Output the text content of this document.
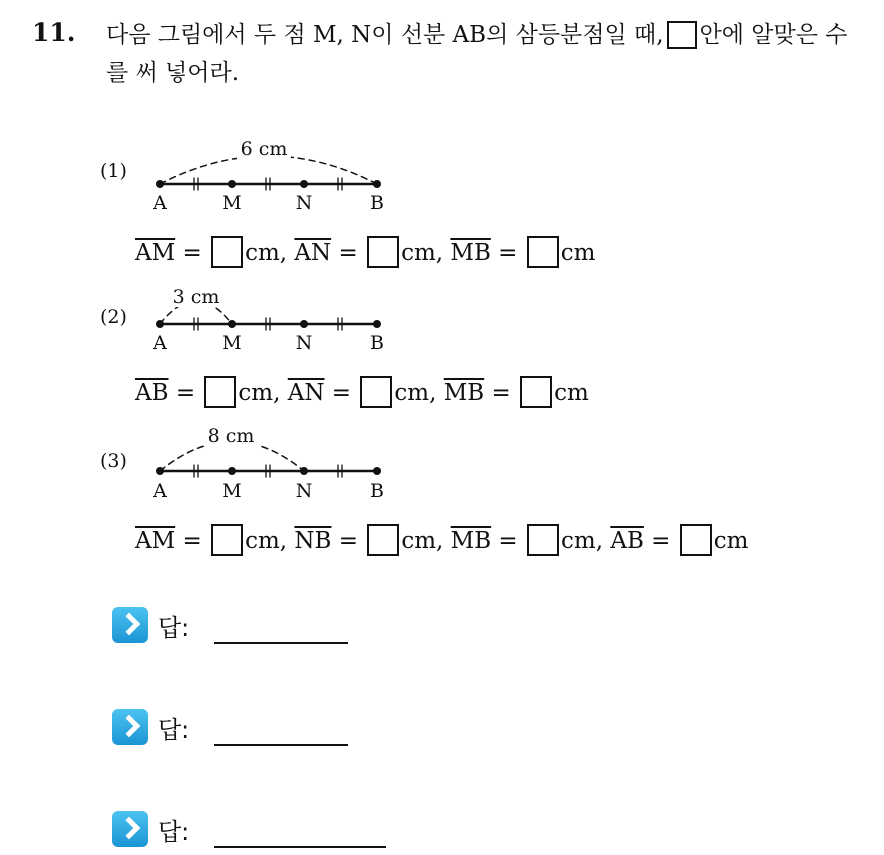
11. 다음 그림에서 두 점 M, N이 선분 AB의 삼등분점일 때, 안에 알맞은 수를 써 넣어라.
(1)
(2)
(3)
6 cm
A	M	N	B
3 cm
A	M	N	B
8 cm
A	M	N	B
$\overline{AM}$ = cm, $\overline{AN}$ = cm, $\overline{MB}$ = cm
$\overline{AB}$ = cm, $\overline{AN}$ = cm, $\overline{MB}$ = cm
$\overline{AM}$ = cm, $\overline{NB}$ = cm, $\overline{MB}$ = cm, $\overline{AB}$ = cm
답:
답:
답:
